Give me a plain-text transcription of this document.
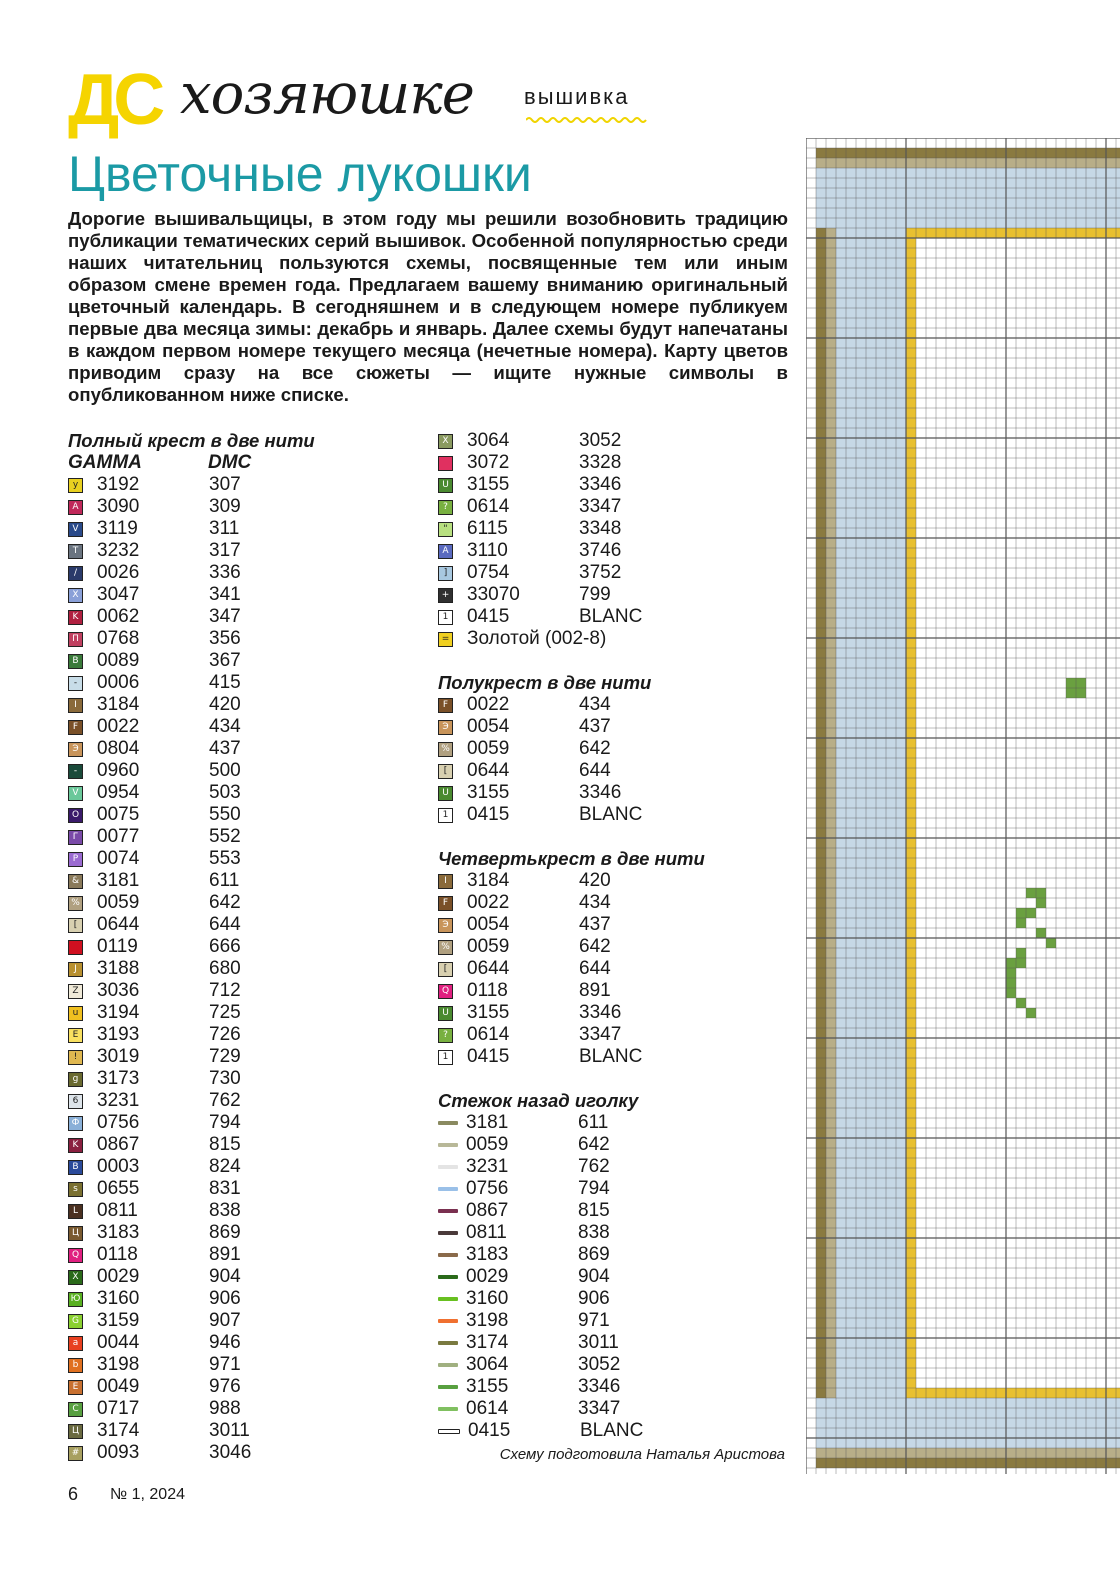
ДС хозяюшке вышивка
Цветочные лукошки
Дорогие вышивальщицы, в этом году мы решили возобновить традицию публикации тематических серий вышивок. Особенной популярностью среди наших читательниц пользуются схемы, посвященные тем или иным образом смене времен года. Предлагаем вашему вниманию оригинальный цветочный календарь. В сегодняшнем и в следующем номере публикуем первые два месяца зимы: декабрь и январь. Далее схемы будут напечатаны в каждом первом номере текущего месяца (нечетные номера). Карту цветов приводим сразу на все сюжеты — ищите нужные символы в опубликованном ниже списке.
Полный крест в две нити
GAMMA	DMC
y 3192	307
A 3090	309
V 3119	311
T 3232	317
/	0026	336
X 3047	341
K 0062	347
П 0768	356
B 0089	367
-	0006	415
I	3184	420
F 0022	434
Э 0804	437
-	0960	500
V 0954	503
O 0075	550
Г 0077	552
P 0074	553
& 3181	611
% 0059	642
[	0644	644
0119	666
J	3188	680
Z 3036	712
u 3194	725
E 3193	726
!	3019	729
g 3173	730
6 3231	762
Ф 0756	794
K 0867	815
B 0003	824
s 0655	831
L 0811	838
Ц 3183	869
Q 0118	891
X 0029	904
Ю 3160	906
G 3159	907
a 0044	946
b 3198	971
E 0049	976
C 0717	988
Ц 3174	3011
# 0093	3046
X 3064	3052
3072	3328
U 3155	3346
? 0614	3347
" 6115	3348
A 3110	3746
]	0754	3752
+ 33070	799
1 0415	BLANC
= Золотой (002-8)
Полукрест в две нити
F 0022	434
Э 0054	437
% 0059	642
[	0644	644
U 3155	3346
1 0415	BLANC
Четвертькрест в две нити
I	3184	420
F 0022	434
Э 0054	437
% 0059	642
[	0644	644
Q 0118	891
U 3155	3346
? 0614	3347
1 0415	BLANC
Стежок назад иголку
3181	611
0059	642
3231	762
0756	794
0867	815
0811	838
3183	869
0029	904
3160	906
3198	971
3174	3011
3064	3052
3155	3346
0614	3347
0415	BLANC
Схему подготовила Наталья Аристова
6 № 1, 2024
